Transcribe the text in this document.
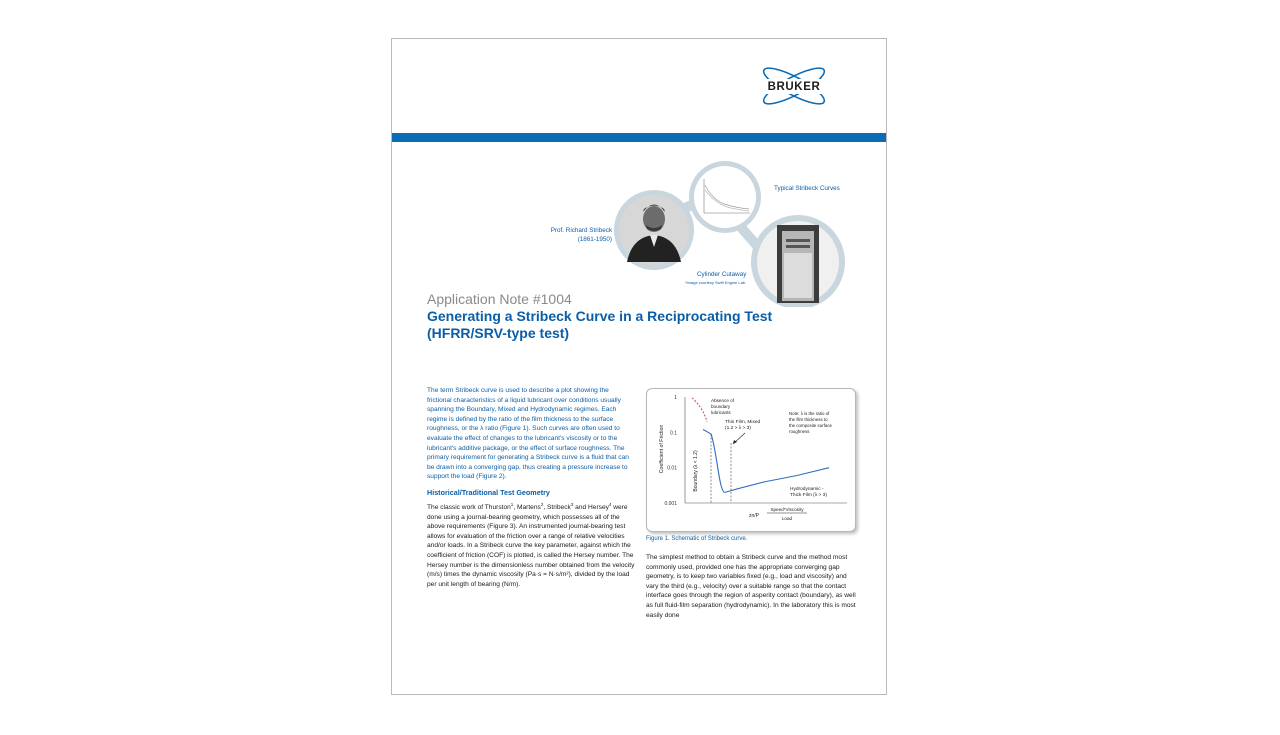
BRUKER
Typical Stribeck Curves
Prof. Richard Stribeck
(1861-1950)
Cylinder Cutaway
*Image courtesy Swift Engine Lab.
Application Note #1004
Generating a Stribeck Curve in a Reciprocating Test (HFRR/SRV-type test)

The term Stribeck curve is used to describe a plot showing the frictional characteristics of a liquid lubricant over conditions usually spanning the Boundary, Mixed and Hydrodynamic regimes. Each regime is defined by the ratio of the film thickness to the surface roughness, or the λ ratio (Figure 1). Such curves are often used to evaluate the effect of changes to the lubricant's viscosity or to the lubricant's additive package, or the effect of surface roughness. The primary requirement for generating a Stribeck curve is a fluid that can be drawn into a converging gap, thus creating a pressure increase to support the load (Figure 2).

Historical/Traditional Test Geometry

The classic work of Thurston$^1$, Martens$^2$, Stribeck$^3$ and Hersey$^4$ were done using a journal-bearing geometry, which possesses all of the above requirements (Figure 3). An instrumented journal-bearing test allows for evaluation of the friction over a range of relative velocities and/or loads. In a Stribeck curve the key parameter, against which the coefficient of friction (COF) is plotted, is called the Hersey number. The Hersey number is the dimensionless number obtained from the velocity (m/s) times the dynamic viscosity (Pa·s = N·s/m²), divided by the load per unit length of bearing (N/m).

1
0.1
0.01
0.001
Coefficient of Friction	Boundary (λ < 1.2)
Absence of
boundary
lubricants
Thin Film, Mixed
(1.2 > λ > 3)
Note: λ is the ratio of
the film thickness to
the composite surface
roughness
Hydrodynamic -
Thick Film (λ > 3)
zn/P
Speed*Viscosity
Load
Figure 1. Schematic of Stribeck curve.

The simplest method to obtain a Stribeck curve and the method most commonly used, provided one has the appropriate converging gap geometry, is to keep two variables fixed (e.g., load and viscosity) and vary the third (e.g., velocity) over a suitable range so that the contact interface goes through the region of asperity contact (boundary), as well as full fluid-film separation (hydrodynamic). In the laboratory this is most easily done
